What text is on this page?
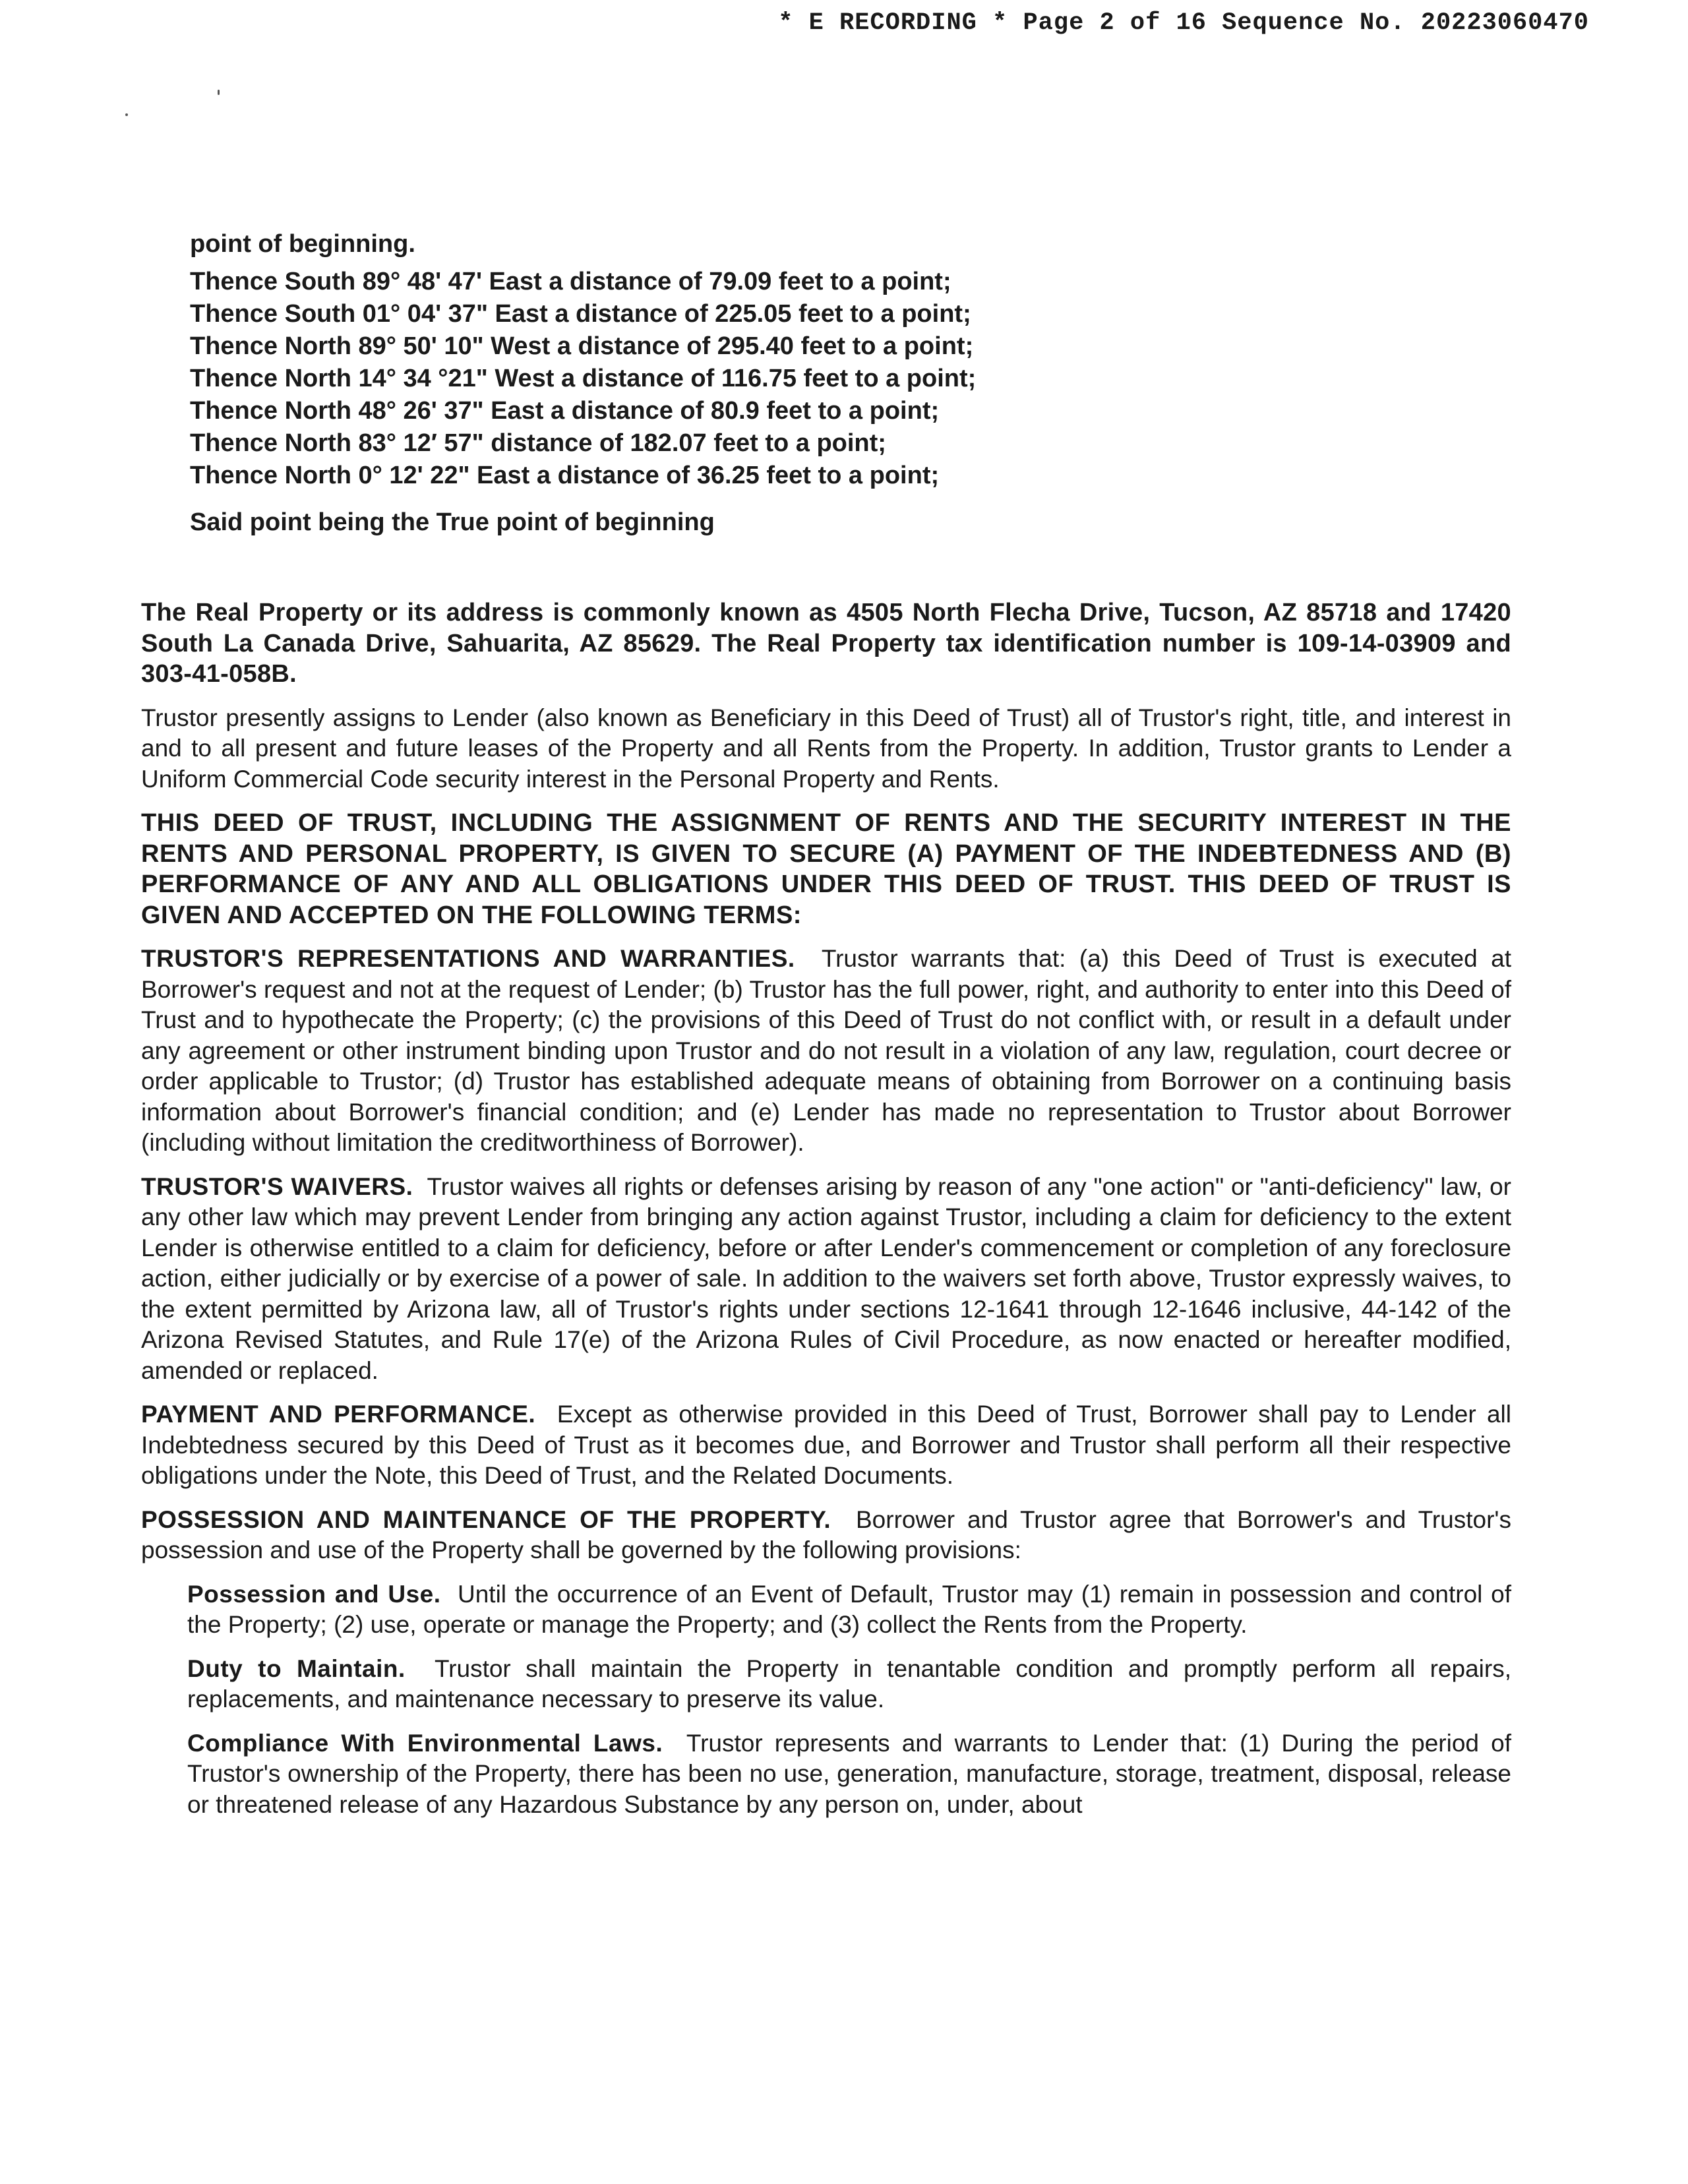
* E RECORDING * Page 2 of 16 Sequence No. 20223060470
point of beginning.
Thence South 89° 48' 47' East a distance of 79.09 feet to a point;
Thence South 01° 04' 37" East a distance of 225.05 feet to a point;
Thence North 89° 50' 10" West a distance of 295.40 feet to a point;
Thence North 14° 34 °21" West a distance of 116.75 feet to a point;
Thence North 48° 26' 37" East a distance of 80.9 feet to a point;
Thence North 83° 12′ 57" distance of 182.07 feet to a point;
Thence North 0° 12' 22" East a distance of 36.25 feet to a point;
Said point being the True point of beginning

The Real Property or its address is commonly known as 4505 North Flecha Drive, Tucson, AZ 85718 and 17420 South La Canada Drive, Sahuarita, AZ 85629. The Real Property tax identification number is 109-14-03909 and 303-41-058B.

Trustor presently assigns to Lender (also known as Beneficiary in this Deed of Trust) all of Trustor's right, title, and interest in and to all present and future leases of the Property and all Rents from the Property. In addition, Trustor grants to Lender a Uniform Commercial Code security interest in the Personal Property and Rents.

THIS DEED OF TRUST, INCLUDING THE ASSIGNMENT OF RENTS AND THE SECURITY INTEREST IN THE RENTS AND PERSONAL PROPERTY, IS GIVEN TO SECURE (A) PAYMENT OF THE INDEBTEDNESS AND (B) PERFORMANCE OF ANY AND ALL OBLIGATIONS UNDER THIS DEED OF TRUST. THIS DEED OF TRUST IS GIVEN AND ACCEPTED ON THE FOLLOWING TERMS:

TRUSTOR'S REPRESENTATIONS AND WARRANTIES. Trustor warrants that: (a) this Deed of Trust is executed at Borrower's request and not at the request of Lender; (b) Trustor has the full power, right, and authority to enter into this Deed of Trust and to hypothecate the Property; (c) the provisions of this Deed of Trust do not conflict with, or result in a default under any agreement or other instrument binding upon Trustor and do not result in a violation of any law, regulation, court decree or order applicable to Trustor; (d) Trustor has established adequate means of obtaining from Borrower on a continuing basis information about Borrower's financial condition; and (e) Lender has made no representation to Trustor about Borrower (including without limitation the creditworthiness of Borrower).

TRUSTOR'S WAIVERS. Trustor waives all rights or defenses arising by reason of any "one action" or "anti-deficiency" law, or any other law which may prevent Lender from bringing any action against Trustor, including a claim for deficiency to the extent Lender is otherwise entitled to a claim for deficiency, before or after Lender's commencement or completion of any foreclosure action, either judicially or by exercise of a power of sale. In addition to the waivers set forth above, Trustor expressly waives, to the extent permitted by Arizona law, all of Trustor's rights under sections 12-1641 through 12-1646 inclusive, 44-142 of the Arizona Revised Statutes, and Rule 17(e) of the Arizona Rules of Civil Procedure, as now enacted or hereafter modified, amended or replaced.

PAYMENT AND PERFORMANCE. Except as otherwise provided in this Deed of Trust, Borrower shall pay to Lender all Indebtedness secured by this Deed of Trust as it becomes due, and Borrower and Trustor shall perform all their respective obligations under the Note, this Deed of Trust, and the Related Documents.

POSSESSION AND MAINTENANCE OF THE PROPERTY. Borrower and Trustor agree that Borrower's and Trustor's possession and use of the Property shall be governed by the following provisions:

Possession and Use. Until the occurrence of an Event of Default, Trustor may (1) remain in possession and control of the Property; (2) use, operate or manage the Property; and (3) collect the Rents from the Property.

Duty to Maintain. Trustor shall maintain the Property in tenantable condition and promptly perform all repairs, replacements, and maintenance necessary to preserve its value.

Compliance With Environmental Laws. Trustor represents and warrants to Lender that: (1) During the period of Trustor's ownership of the Property, there has been no use, generation, manufacture, storage, treatment, disposal, release or threatened release of any Hazardous Substance by any person on, under, about
